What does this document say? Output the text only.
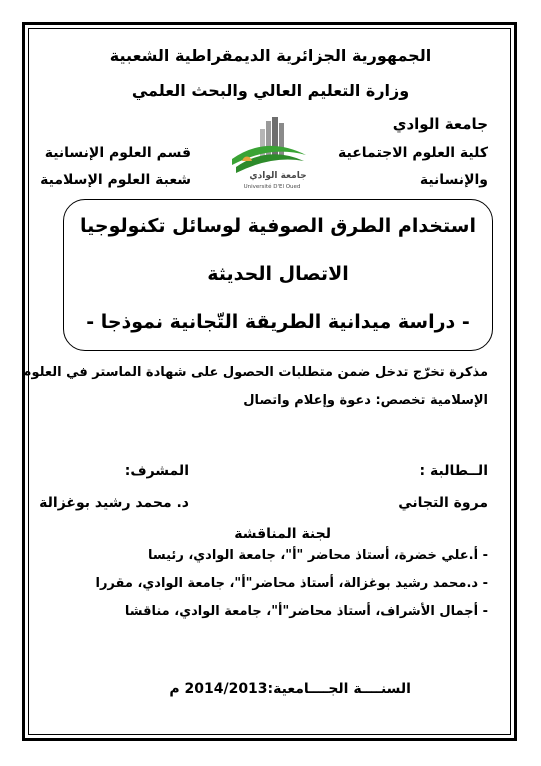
الجمهورية الجزائرية الديمقراطية الشعبية
وزارة التعليم العالي والبحث العلمي
جامعة الوادي
كلية العلوم الاجتماعية
والإنسانية
قسم العلوم الإنسانية
شعبة العلوم الإسلامية	جامعة الوادي
Université D'El Oued
استخدام الطرق الصوفية لوسائل تكنولوجيا
الاتصال الحديثة
- دراسة ميدانية الطريقة التّجانية نموذجا -
مذكرة تخرّج تدخل ضمن متطلبات الحصول على شهادة الماستر في العلوم
الإسلامية تخصص: دعوة وإعلام واتصال
الــطالبة :
المشرف:
مروة التجاني
د. محمد رشيد بوغزالة
لجنة المناقشة
- أ.علي خضرة، أستاذ محاضر "أ"، جامعة الوادي، رئيسا
- د.محمد رشيد بوغزالة، أستاذ محاضر"أ"، جامعة الوادي، مقررا
- أجمال الأشراف، أستاذ محاضر"أ"، جامعة الوادي، مناقشا
السنــــة الجــــامعية:2014/2013 م
